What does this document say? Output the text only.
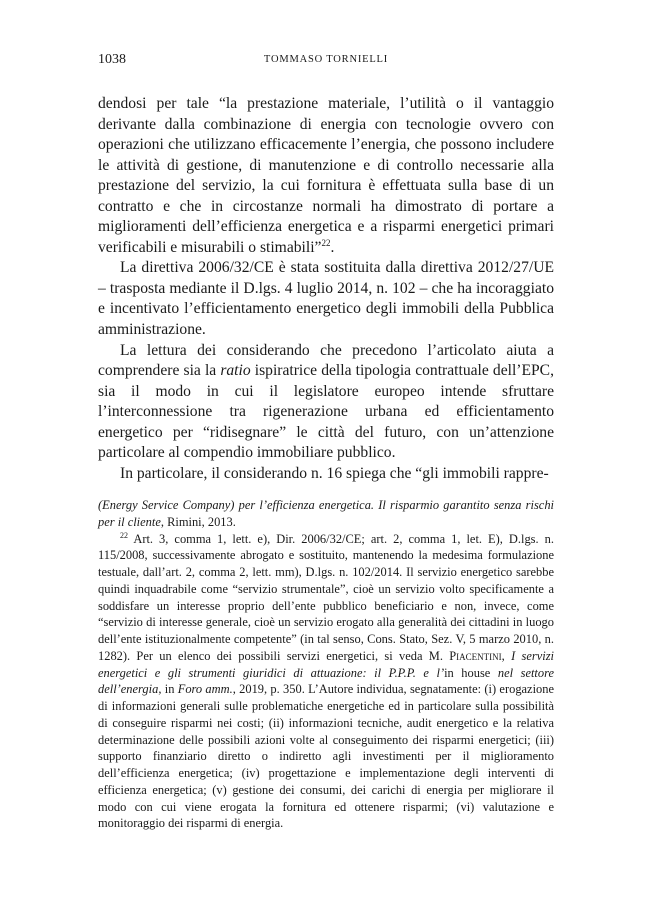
1038	TOMMASO TORNIELLI

dendosi per tale “la prestazione materiale, l’utilità o il vantaggio derivante dalla combinazione di energia con tecnologie ovvero con operazioni che utilizzano efficacemente l’energia, che possono includere le attività di gestione, di manutenzione e di controllo necessarie alla prestazione del servizio, la cui fornitura è effettuata sulla base di un contratto e che in circostanze normali ha dimostrato di portare a miglioramenti dell’efficienza energetica e a risparmi energetici primari verificabili e misurabili o stimabili”$^{22}$.

La direttiva 2006/32/CE è stata sostituita dalla direttiva 2012/27/UE – trasposta mediante il D.lgs. 4 luglio 2014, n. 102 – che ha incoraggiato e incentivato l’efficientamento energetico degli immobili della Pubblica amministrazione.

La lettura dei considerando che precedono l’articolato aiuta a comprendere sia la ratio ispiratrice della tipologia contrattuale dell’EPC, sia il modo in cui il legislatore europeo intende sfruttare l’interconnessione tra rigenerazione urbana ed efficientamento energetico per “ridisegnare” le città del futuro, con un’attenzione particolare al compendio immobiliare pubblico.

In particolare, il considerando n. 16 spiega che “gli immobili rappre-

(Energy Service Company) per l’efficienza energetica. Il risparmio garantito senza rischi per il cliente, Rimini, 2013.

$^{22}$ Art. 3, comma 1, lett. e), Dir. 2006/32/CE; art. 2, comma 1, let. E), D.lgs. n. 115/2008, successivamente abrogato e sostituito, mantenendo la medesima formulazione testuale, dall’art. 2, comma 2, lett. mm), D.lgs. n. 102/2014. Il servizio energetico sarebbe quindi inquadrabile come “servizio strumentale”, cioè un servizio volto specificamente a soddisfare un interesse proprio dell’ente pubblico beneficiario e non, invece, come “servizio di interesse generale, cioè un servizio erogato alla generalità dei cittadini in luogo dell’ente istituzionalmente competente” (in tal senso, Cons. Stato, Sez. V, 5 marzo 2010, n. 1282). Per un elenco dei possibili servizi energetici, si veda M. Piacentini, I servizi energetici e gli strumenti giuridici di attuazione: il P.P.P. e l’in house nel settore dell’energia, in Foro amm., 2019, p. 350. L’Autore individua, segnatamente: (i) erogazione di informazioni generali sulle problematiche energetiche ed in particolare sulla possibilità di conseguire risparmi nei costi; (ii) informazioni tecniche, audit energetico e la relativa determinazione delle possibili azioni volte al conseguimento dei risparmi energetici; (iii) supporto finanziario diretto o indiretto agli investimenti per il miglioramento dell’efficienza energetica; (iv) progettazione e implementazione degli interventi di efficienza energetica; (v) gestione dei consumi, dei carichi di energia per migliorare il modo con cui viene erogata la fornitura ed ottenere risparmi; (vi) valutazione e monitoraggio dei risparmi di energia.
